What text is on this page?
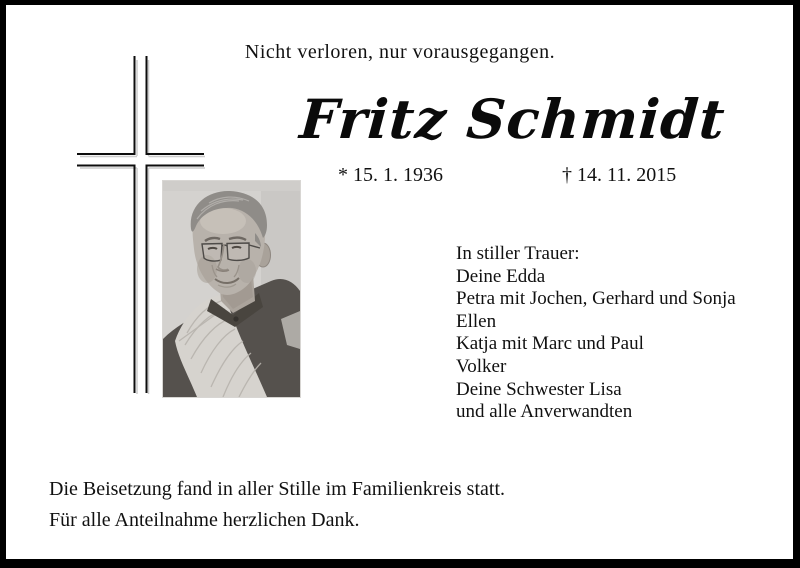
Nicht verloren, nur vorausgegangen.
Fritz Schmidt
* 15. 1. 1936	† 14. 11. 2015
In stiller Trauer:
Deine Edda
Petra mit Jochen, Gerhard und Sonja
Ellen
Katja mit Marc und Paul
Volker
Deine Schwester Lisa
und alle Anverwandten
Die Beisetzung fand in aller Stille im Familienkreis statt.
Für alle Anteilnahme herzlichen Dank.
